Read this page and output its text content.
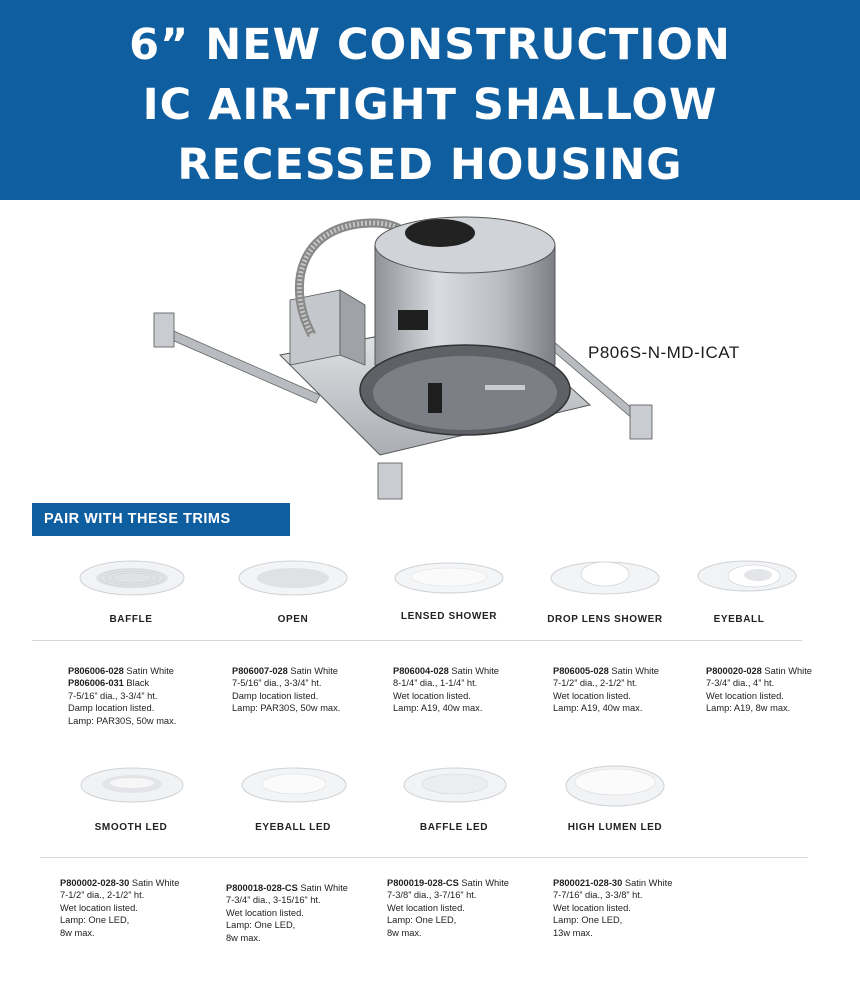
6” NEW CONSTRUCTION
IC AIR-TIGHT SHALLOW
RECESSED HOUSING
P806S-N-MD-ICAT
PAIR WITH THESE TRIMS
BAFFLE	OPEN	LENSED SHOWER	DROP LENS SHOWER	EYEBALL
P806006-028 Satin White
P806006-031 Black
7-5/16” dia., 3-3/4” ht.
Damp location listed.
Lamp: PAR30S, 50w max.
P806007-028 Satin White
7-5/16” dia., 3-3/4” ht.
Damp location listed.
Lamp: PAR30S, 50w max.
P806004-028 Satin White
8-1/4” dia., 1-1/4” ht.
Wet location listed.
Lamp: A19, 40w max.
P806005-028 Satin White
7-1/2” dia., 2-1/2” ht.
Wet location listed.
Lamp: A19, 40w max.
P800020-028 Satin White
7-3/4” dia., 4” ht.
Wet location listed.
Lamp: A19, 8w max.
SMOOTH LED	EYEBALL LED	BAFFLE LED	HIGH LUMEN LED
P800002-028-30 Satin White
7-1/2” dia., 2-1/2” ht.
Wet location listed.
Lamp: One LED,
8w max.
P800018-028-CS Satin White
7-3/4” dia., 3-15/16” ht.
Wet location listed.
Lamp: One LED,
8w max.
P800019-028-CS Satin White
7-3/8” dia., 3-7/16” ht.
Wet location listed.
Lamp: One LED,
8w max.
P800021-028-30 Satin White
7-7/16” dia., 3-3/8” ht.
Wet location listed.
Lamp: One LED,
13w max.
